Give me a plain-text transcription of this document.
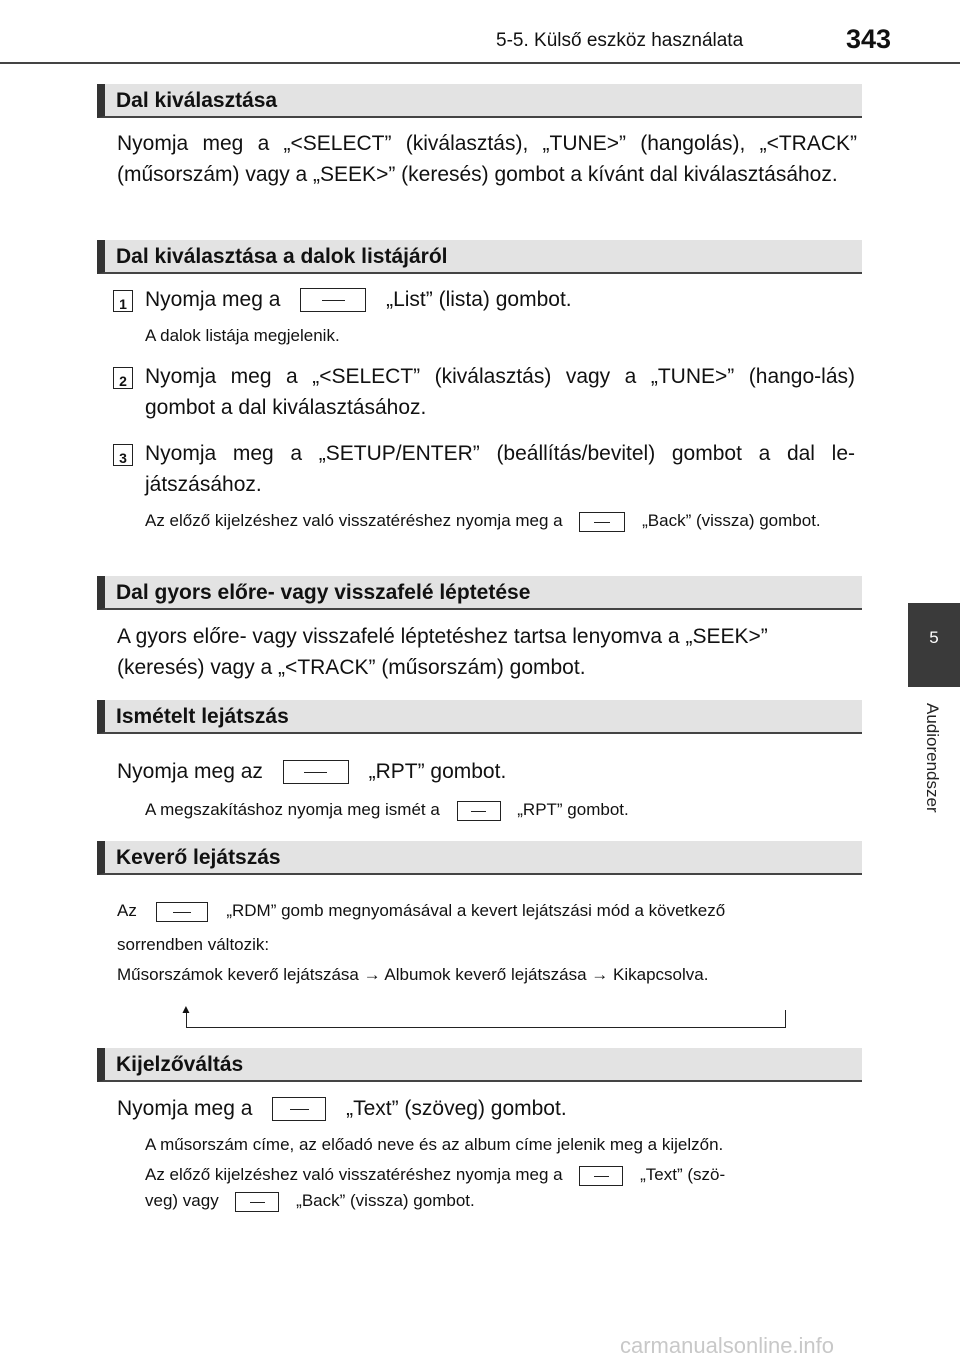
5-5. Külső eszköz használata	343
5
Audiorendszer
Dal kiválasztása
Nyomja meg a „<SELECT” (kiválasztás), „TUNE>” (hangolás), „<TRACK” (műsorszám) vagy a „SEEK>” (keresés) gombot a kívánt dal kiválasztásához.
Dal kiválasztása a dalok listájáról
1 Nyomja meg a	„List” (lista) gombot.
A dalok listája megjelenik.
2 Nyomja meg a „<SELECT” (kiválasztás) vagy a „TUNE>” (hango-lás) gombot a dal kiválasztásához.
3 Nyomja meg a „SETUP/ENTER” (beállítás/bevitel) gombot a dal le-játszásához.
Az előző kijelzéshez való visszatéréshez nyomja meg a	„Back” (vissza) gombot.
Dal gyors előre- vagy visszafelé léptetése
A gyors előre- vagy visszafelé léptetéshez tartsa lenyomva a „SEEK>” (keresés) vagy a „<TRACK” (műsorszám) gombot.
Ismételt lejátszás
Nyomja meg az	„RPT” gombot.
A megszakításhoz nyomja meg ismét a	„RPT” gombot.
Keverő lejátszás
Az	„RDM” gomb megnyomásával a kevert lejátszási mód a következő
sorrendben változik:
Műsorszámok keverő lejátszása → Albumok keverő lejátszása → Kikapcsolva.
▲
Kijelzőváltás
Nyomja meg a	„Text” (szöveg) gombot.
A műsorszám címe, az előadó neve és az album címe jelenik meg a kijelzőn.
Az előző kijelzéshez való visszatéréshez nyomja meg a	„Text” (szö-
veg) vagy	„Back” (vissza) gombot.
carmanualsonline.info
